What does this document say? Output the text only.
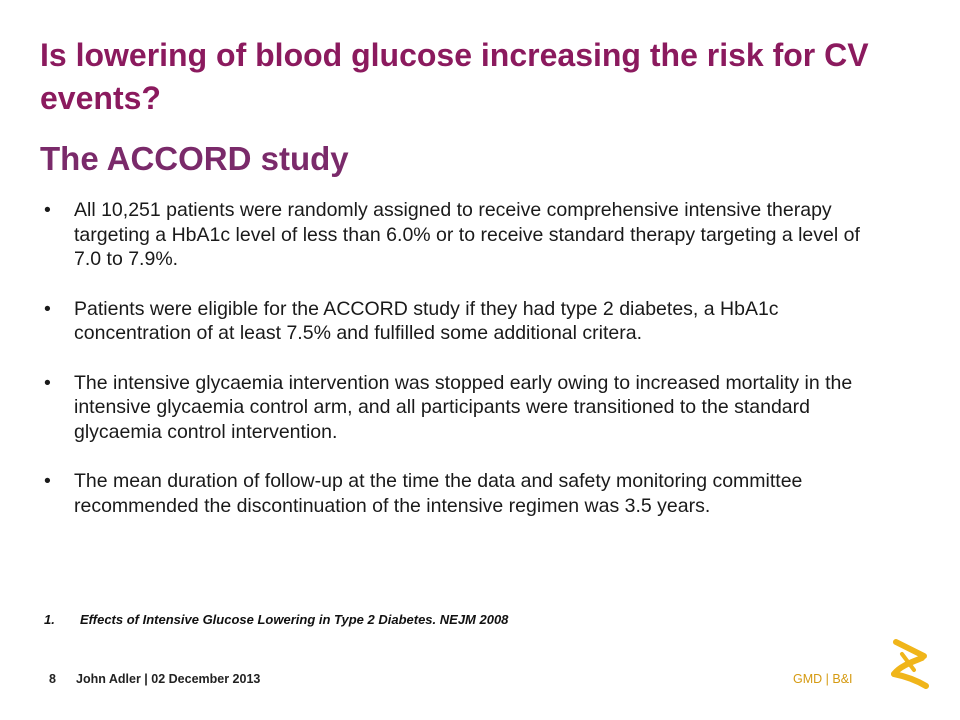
Is lowering of blood glucose increasing the risk for CV events?
The ACCORD study
• All 10,251 patients were randomly assigned to receive comprehensive intensive therapy targeting a HbA1c level of less than 6.0% or to receive standard therapy targeting a level of 7.0 to 7.9%.
• Patients were eligible for the ACCORD study if they had type 2 diabetes, a HbA1c concentration of at least 7.5% and fulfilled some additional critera.
• The intensive glycaemia intervention was stopped early owing to increased mortality in the intensive glycaemia control arm, and all participants were transitioned to the standard glycaemia control intervention.
• The mean duration of follow-up at the time the data and safety monitoring committee recommended the discontinuation of the intensive regimen was 3.5 years.
1. Effects of Intensive Glucose Lowering in Type 2 Diabetes. NEJM 2008
8 John Adler | 02 December 2013	GMD | B&I
